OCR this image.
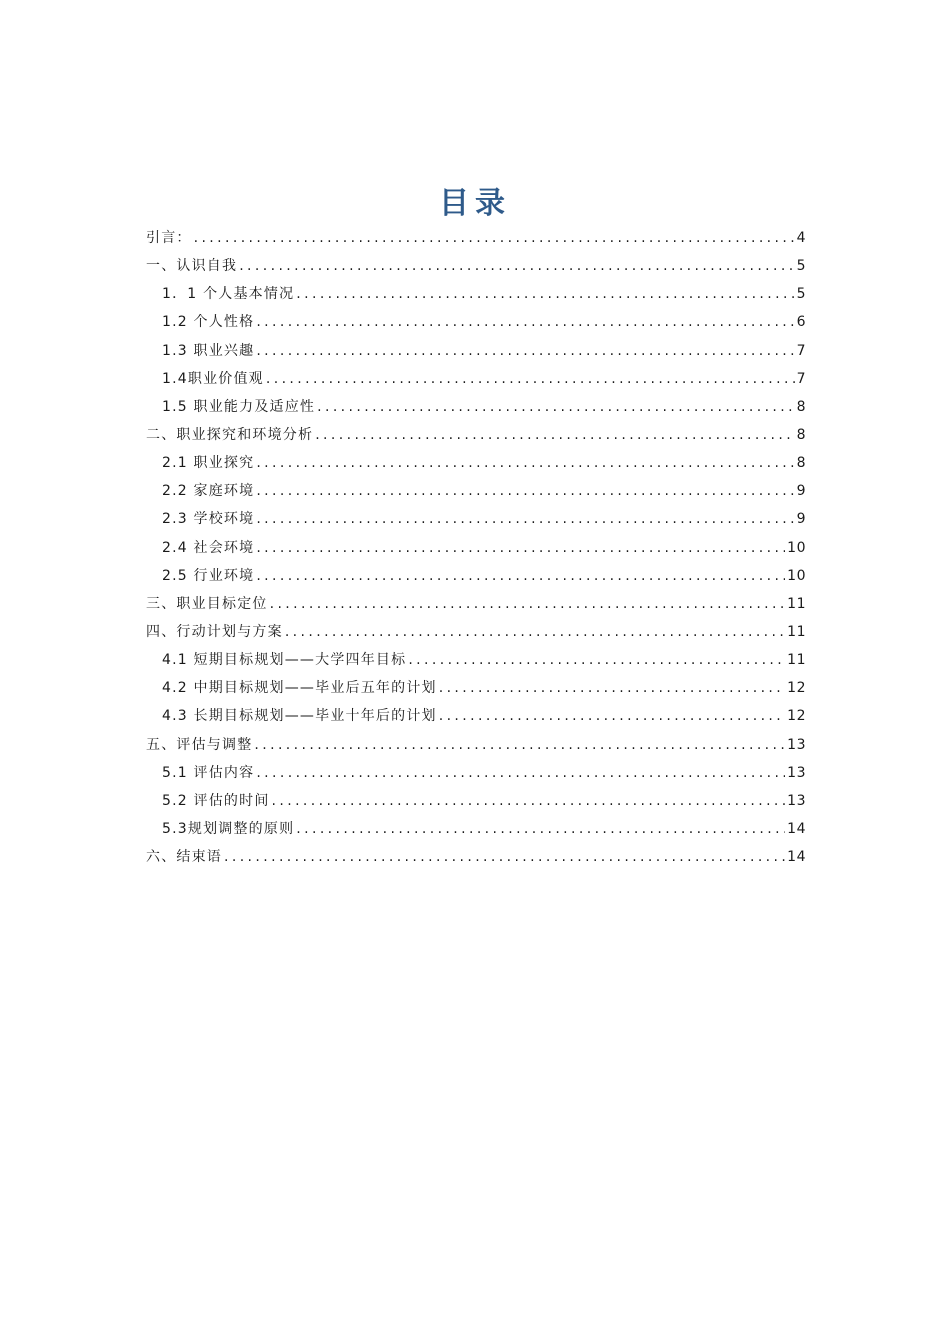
目录
引言： .....	4
一、认识自我 .....	5
1．1 个人基本情况 .....	5
1.2 个人性格 .....	6
1.3 职业兴趣 .....	7
1.4职业价值观 .....	7
1.5 职业能力及适应性 .....	8
二、职业探究和环境分析 .....	8
2.1 职业探究 .....	8
2.2 家庭环境 .....	9
2.3 学校环境 .....	9
2.4 社会环境 .....	10
2.5 行业环境 .....	10
三、职业目标定位 .....	11
四、行动计划与方案 .....	11
4.1 短期目标规划——大学四年目标 .....	11
4.2 中期目标规划——毕业后五年的计划 .....	12
4.3 长期目标规划——毕业十年后的计划 .....	12
五、评估与调整 .....	13
5.1 评估内容 .....	13
5.2 评估的时间 .....	13
5.3规划调整的原则 .....	14
六、结束语 .....	14
